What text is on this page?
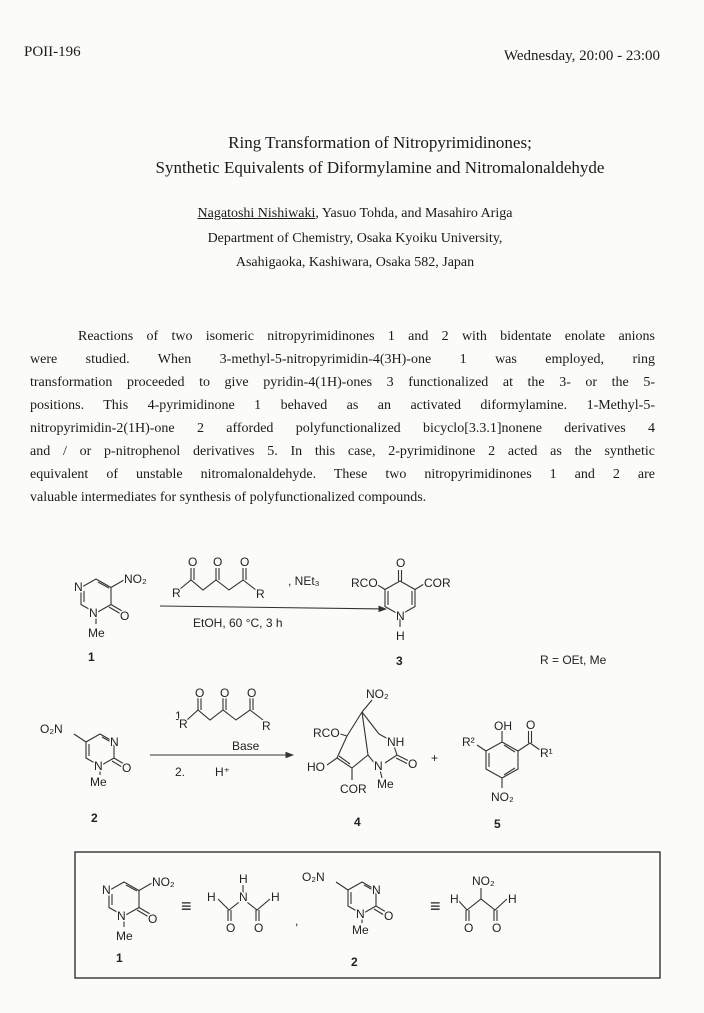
POII-196	Wednesday, 20:00 - 23:00
Ring Transformation of Nitropyrimidinones;
Synthetic Equivalents of Diformylamine and Nitromalonaldehyde
Nagatoshi Nishiwaki, Yasuo Tohda, and Masahiro Ariga
Department of Chemistry, Osaka Kyoiku University,
Asahigaoka, Kashiwara, Osaka 582, Japan
Reactions of two isomeric nitropyrimidinones 1 and 2 with bidentate enolate anions
were studied. When 3-methyl-5-nitropyrimidin-4(3H)-one 1 was employed, ring
transformation proceeded to give pyridin-4(1H)-ones 3 functionalized at the 3- or the 5-
positions. This 4-pyrimidinone 1 behaved as an activated diformylamine. 1-Methyl-5-
nitropyrimidin-2(1H)-one 2 afforded polyfunctionalized bicyclo[3.3.1]nonene derivatives 4
and / or p-nitrophenol derivatives 5. In this case, 2-pyrimidinone 2 acted as the synthetic
equivalent of unstable nitromalonaldehyde. These two nitropyrimidinones 1 and 2 are
valuable intermediates for synthesis of polyfunctionalized compounds.
N
NO₂
N O
Me
1
O O O
R	R
, NEt₃
EtOH, 60 °C, 3 h
O
RCO	COR
N
H
3	R = OEt, Me
O₂N
N
N O
Me
2
1.
O O O
R	R
Base
2. H⁺
NO₂
RCO
NH
O
N
HO
Me
COR
4
+
OH O
R²
R¹
NO₂
5
1
≡ H
H
N H
O O	,
2
≡ H	H
NO₂
O O
